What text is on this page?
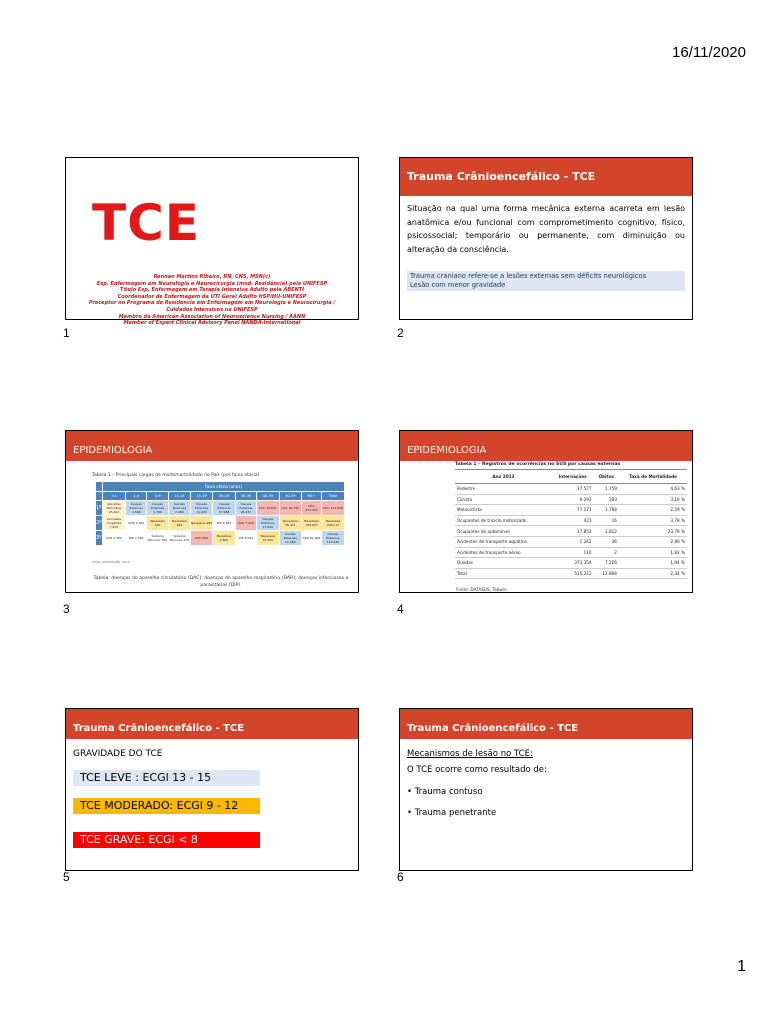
16/11/2020
TCE
Rennan Martins Ribeiro, RN, CNS, MSN(c)
Esp. Enfermagem em Neurologia e Neurocirurgia (mod. Residência) pela UNIFESP
Título Esp. Enfermagem em Terapia Intensiva Adulto pela ABENTI
Coordenador de Enfermagem da UTI Geral Adulto HSP/HU-UNIFESP
Preceptor no Programa de Residência em Enfermagem em Neurologia e Neurocirurgia /
Cuidados Intensivos na UNIFESP
Membro da American Association of Neuroscience Nursing / AANN
Member of Expert Clinical Advisory Panel NANDA-International
1
Trauma Crânioencefálico - TCE
Situação na qual uma forma mecânica externa acarreta em lesão anatômica e/ou funcional com comprometimento cognitivo, físico, psicossocial; temporário ou permanente, com diminuição ou alteração da consciência.
Trauma craniano refere-se a lesões externas sem déficits neurológicos
Lesão com menor gravidade
2
EPIDEMIOLOGIA
Tabela 1 – Principais cargas de morbimortalidade no País (por faixa etária)
	Faixa etária (anos)										
	<1	1-4	5-9	10-14	15-19	20-29	30-39	40-49	50-59	60+	Total
1º	Afecções Perinatais 25.402	Causas Externas 1.596	Causas Externas 1.709	Causas Externas 2.484	Causas Externas 11.993	Causas Externas 37.988	Causas Externas 24.437	DAC 30.641	DAC 60.750	DAC 271.307	DAC 414.098
2º	Anomalia congênita 7.970	DAR 1.362	Neoplasia 500	Neoplasia 665	Neoplasia 889	DIP 2.824	DAC 7.510	Causas Externas 17.620	Neoplasia 36.447	Neoplasia 108.827	Neoplasia 206.117
3º	DAR 2.360	DIP 1.002	Sistema Nervoso 266	Sistema Nervoso 339	DAC 659	Neoplasia 2.865	DIP 5.022	Neoplasia 15.309	Causas Externas 11.044	DAR 81.999	Causas Externas 123.435
Fonte: SIM/SVS/MS, 2010.
Tabela: doenças do aparelho circulatório (DAC); doenças do aparelho respiratório (DAR); doenças infecciosas e parasitárias (DIP).
3
EPIDEMIOLOGIA
Tabela 1 – Registros de ocorrências no SUS por causas externas
Ano 2013	Internações	Óbitos	Taxa de Mortalidade
Pedestre	37.577	1.759	4,63 %
Ciclista	9.291	283	3,16 %
Motociclista	77.171	1.768	2,29 %
Ocupantes de triciclo motorizado	423	16	3,78 %
Ocupantes de automóvel	17.853	1.812	23,79 %
Acidentes de transporte aquático	1.342	36	2,90 %
Acidentes de transporte aéreo	110	2	1,82 %
Quedas	373.354	7.226	1,94 %
Total	515.211	12.808	2,34 %
Fonte: DATASUS, Tabwin.
4
Trauma Crânioencefálico - TCE
GRAVIDADE DO TCE
TCE LEVE : ECGl 13 - 15
TCE MODERADO: ECGl 9 - 12
TCE GRAVE: ECGl < 8
5
Trauma Crânioencefálico - TCE
Mecanismos de lesão no TCE:
O TCE ocorre como resultado de:
• Trauma contuso
• Trauma penetrante
6
1
